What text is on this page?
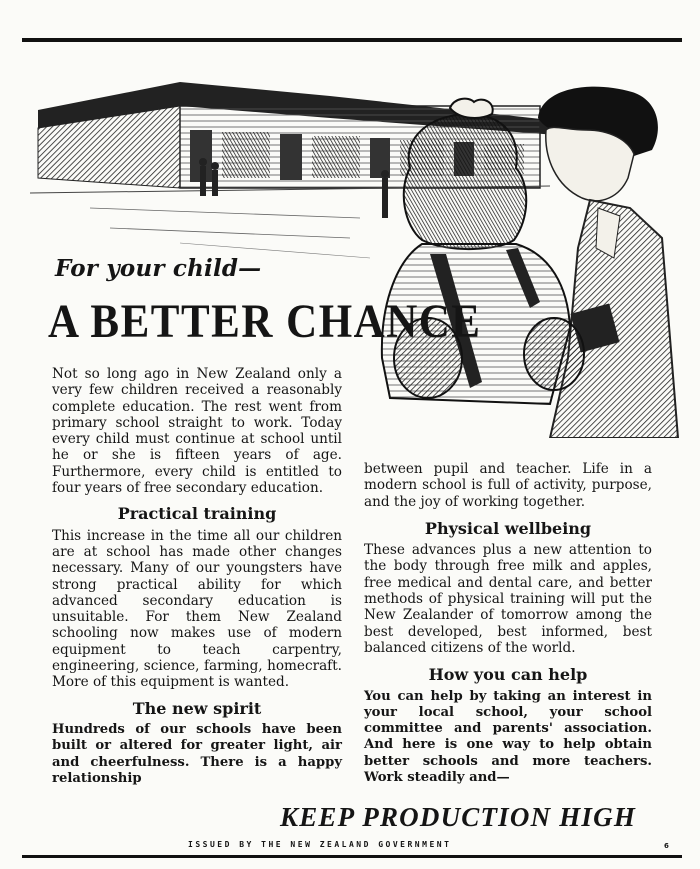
For your child—
A BETTER CHANCE

Not so long ago in New Zealand only a very few children received a reasonably complete education. The rest went from primary school straight to work. Today every child must continue at school until he or she is fifteen years of age. Furthermore, every child is entitled to four years of free secondary education.

Practical training

This increase in the time all our children are at school has made other changes necessary. Many of our youngsters have strong practical ability for which advanced secondary education is unsuitable. For them New Zealand schooling now makes use of modern equipment to teach carpentry, engineering, science, farming, homecraft. More of this equipment is wanted.

The new spirit

Hundreds of our schools have been built or altered for greater light, air and cheerfulness. There is a happy relationship

between pupil and teacher. Life in a modern school is full of activity, purpose, and the joy of working together.

Physical wellbeing

These advances plus a new attention to the body through free milk and apples, free medical and dental care, and better methods of physical training will put the New Zealander of tomorrow among the best developed, best informed, best balanced citizens of the world.

How you can help

You can help by taking an interest in your local school, your school committee and parents' association. And here is one way to help obtain better schools and more teachers. Work steadily and—

KEEP PRODUCTION HIGH

ISSUED BY THE NEW ZEALAND GOVERNMENT	6
